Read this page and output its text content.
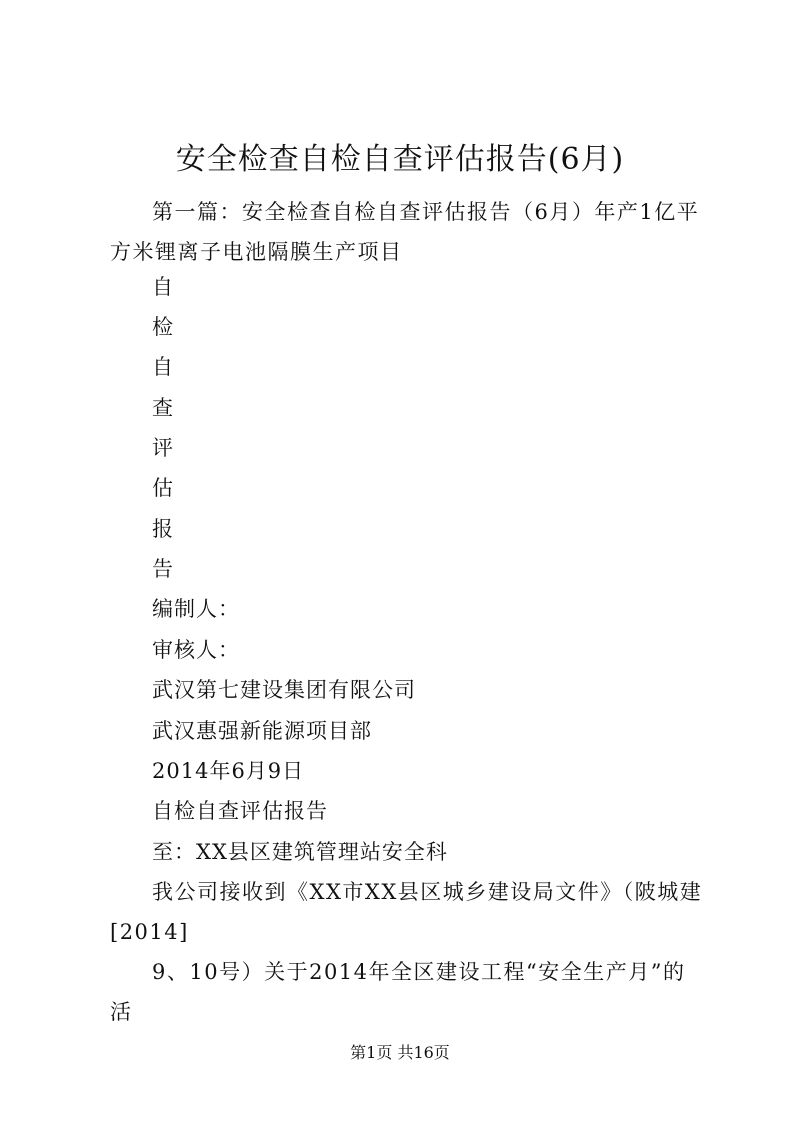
安全检查自检自查评估报告(6月)
第一篇：安全检查自检自查评估报告（6月）年产1亿平方米锂离子电池隔膜生产项目
自
检
自
查
评
估
报
告
编制人：
审核人：
武汉第七建设集团有限公司
武汉惠强新能源项目部
2014年6月9日
自检自查评估报告
至：XX县区建筑管理站安全科
我公司接收到《XX市XX县区城乡建设局文件》（陂城建[2014]
9、10号）关于2014年全区建设工程“安全生产月”的活
第1页 共16页
